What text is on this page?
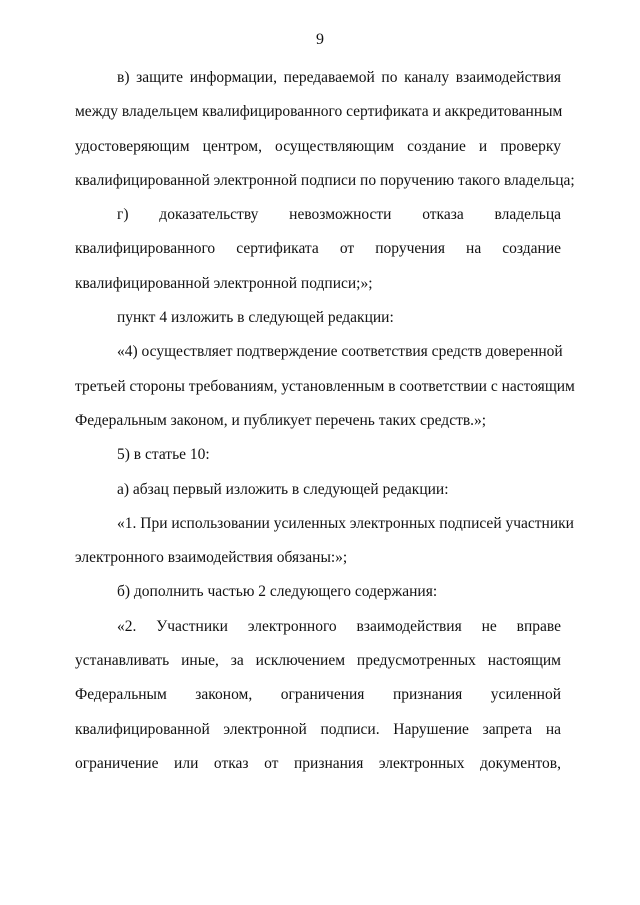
9
в) защите информации, передаваемой по каналу взаимодействия
между владельцем квалифицированного сертификата и аккредитованным
удостоверяющим центром, осуществляющим создание и проверку
квалифицированной электронной подписи по поручению такого владельца;
г) доказательству невозможности отказа владельца
квалифицированного сертификата от поручения на создание
квалифицированной электронной подписи;»;
пункт 4 изложить в следующей редакции:
«4) осуществляет подтверждение соответствия средств доверенной
третьей стороны требованиям, установленным в соответствии с настоящим
Федеральным законом, и публикует перечень таких средств.»;
5) в статье 10:
а) абзац первый изложить в следующей редакции:
«1. При использовании усиленных электронных подписей участники
электронного взаимодействия обязаны:»;
б) дополнить частью 2 следующего содержания:
«2. Участники электронного взаимодействия не вправе
устанавливать иные, за исключением предусмотренных настоящим
Федеральным законом, ограничения признания усиленной
квалифицированной электронной подписи. Нарушение запрета на
ограничение или отказ от признания электронных документов,
